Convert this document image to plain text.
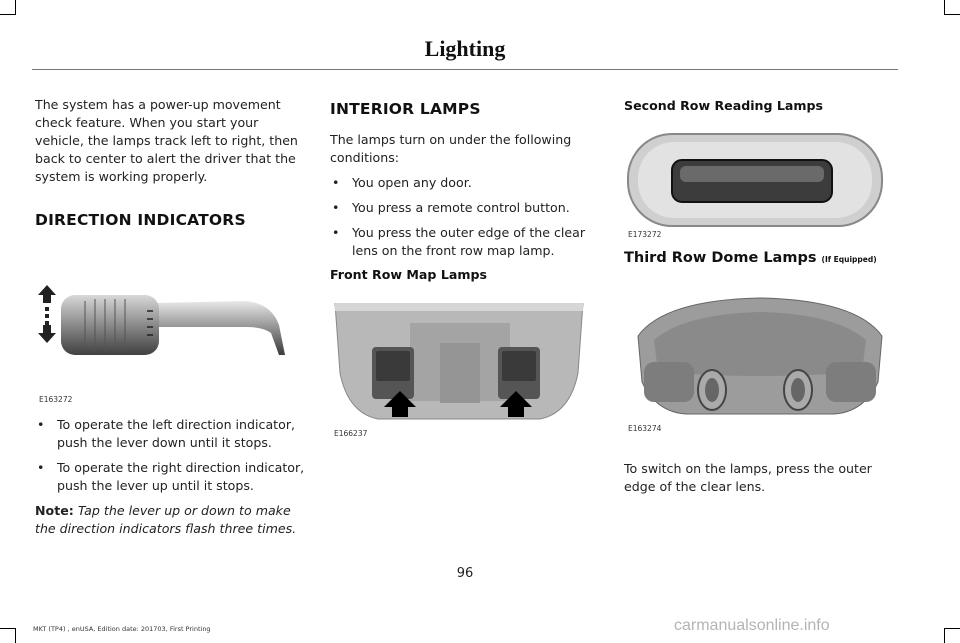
Lighting

The system has a power-up movement check feature. When you start your vehicle, the lamps track left to right, then back to center to alert the driver that the system is working properly.

DIRECTION INDICATORS
E163272
• To operate the left direction indicator, push the lever down until it stops.
• To operate the right direction indicator, push the lever up until it stops.

Note: Tap the lever up or down to make the direction indicators flash three times.

INTERIOR LAMPS

The lamps turn on under the following conditions:

• You open any door.
• You press a remote control button.
• You press the outer edge of the clear lens on the front row map lamp.
Front Row Map Lamps
E166237
Second Row Reading Lamps
E173272
Third Row Dome Lamps (If Equipped)
E163274

To switch on the lamps, press the outer edge of the clear lens.

96
MKT (TP4) , enUSA, Edition date: 201703, First Printing	carmanualsonline.info
